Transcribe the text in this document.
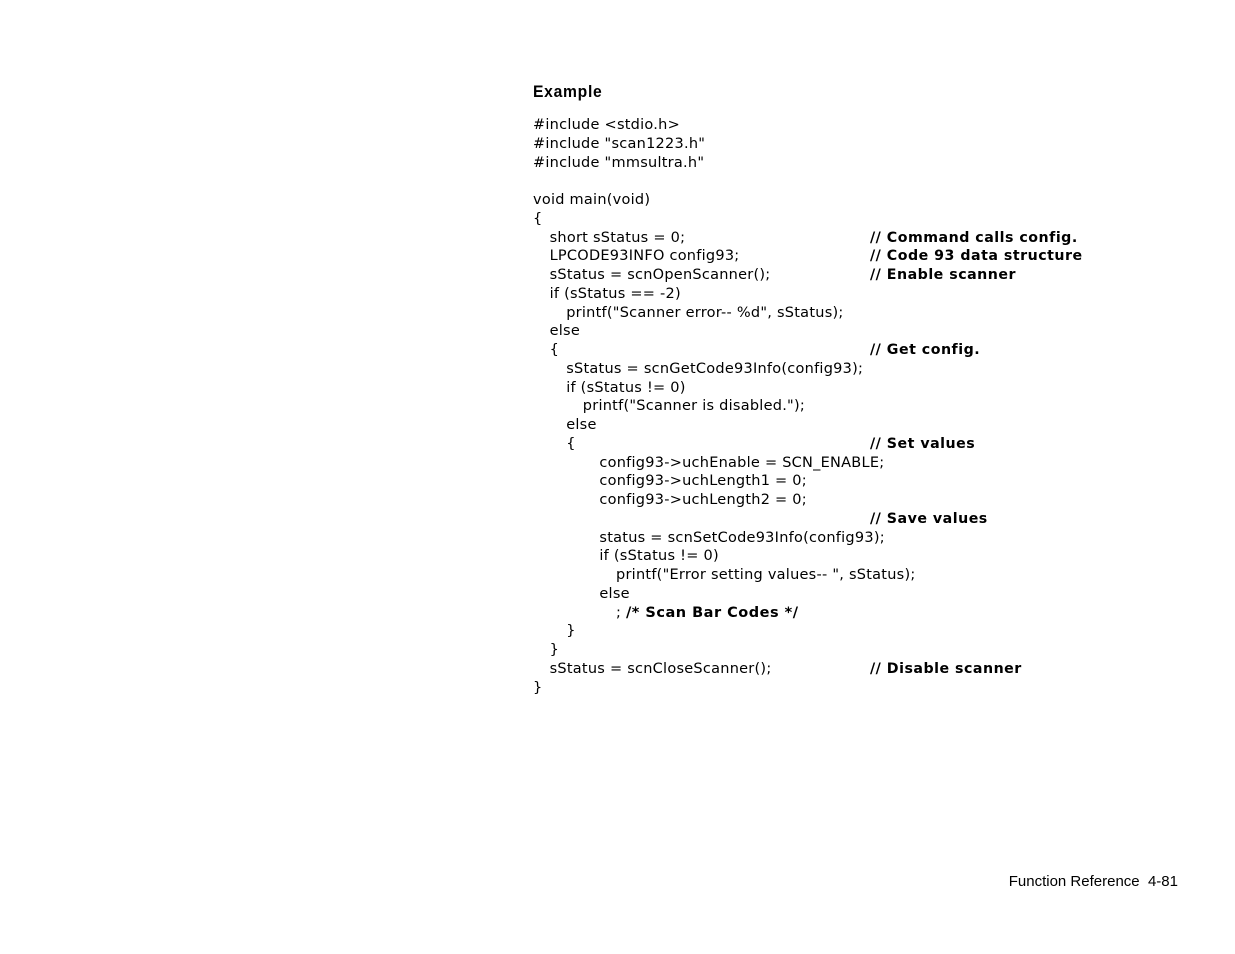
Example
#include <stdio.h>
#include "scan1223.h"
#include "mmsultra.h"
void main(void)
{
short sStatus = 0;	// Command calls config.
LPCODE93INFO config93;	// Code 93 data structure
sStatus = scnOpenScanner();	// Enable scanner
if (sStatus == -2)
printf("Scanner error-- %d", sStatus);
else
{	// Get config.
sStatus = scnGetCode93Info(config93);
if (sStatus != 0)
printf("Scanner is disabled.");
else
{	// Set values
config93->uchEnable = SCN_ENABLE;
config93->uchLength1 = 0;
config93->uchLength2 = 0;
// Save values
status = scnSetCode93Info(config93);
if (sStatus != 0)
printf("Error setting values-- ", sStatus);
else
; /* Scan Bar Codes */
}
}
sStatus = scnCloseScanner();	// Disable scanner
}
Function Reference 4-81
